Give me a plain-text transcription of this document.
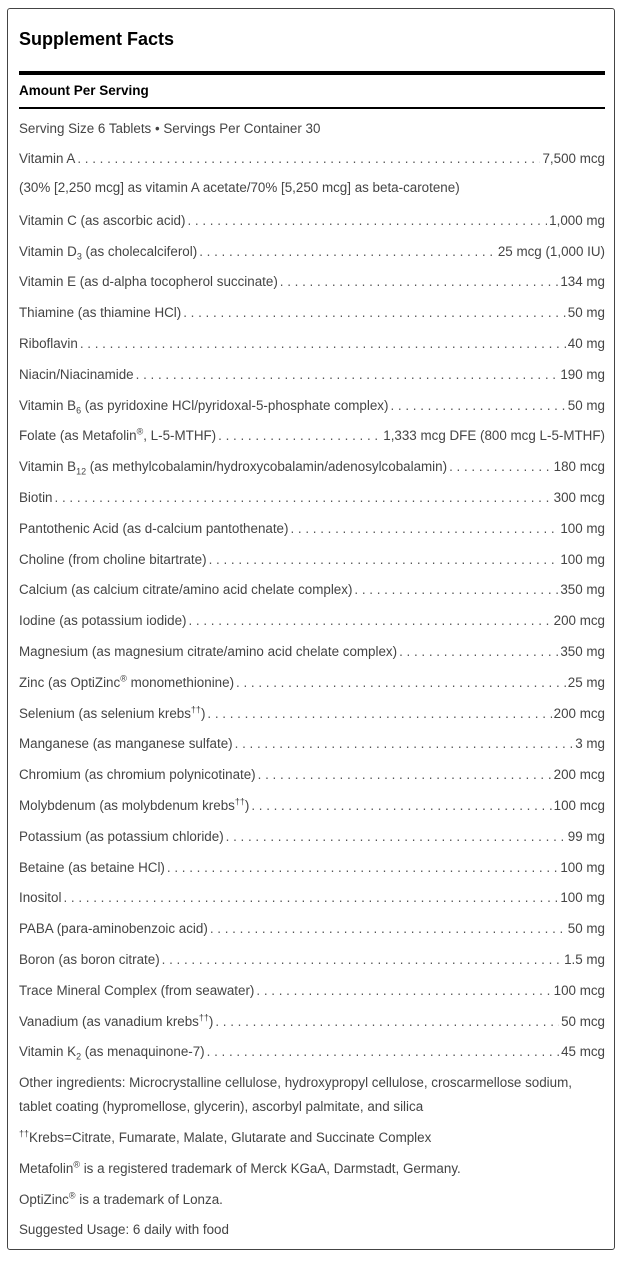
Supplement Facts
Amount Per Serving
Serving Size 6 Tablets • Servings Per Container 30
Vitamin A . . .	7,500 mcg
Vitamin C (as ascorbic acid) . . .	1,000 mg
Vitamin $D_3$ (as cholecalciferol) . . .	25 mcg (1,000 IU)
Vitamin E (as d-alpha tocopherol succinate) . . .	134 mg
Thiamine (as thiamine HCl) . . .	50 mg
Riboflavin . . .	40 mg
Niacin/Niacinamide . . .	190 mg
Vitamin $B_6$ (as pyridoxine HCl/pyridoxal-5-phosphate complex) . . .	50 mg
Folate (as Metafolin®, L-5-MTHF) . . .	1,333 mcg DFE (800 mcg L-5-MTHF)
Vitamin $B_{12}$ (as methylcobalamin/hydroxycobalamin/adenosylcobalamin) . . .	180 mcg
Biotin . . .	300 mcg
Pantothenic Acid (as d-calcium pantothenate) . . .	100 mg
Choline (from choline bitartrate) . . .	100 mg
Calcium (as calcium citrate/amino acid chelate complex) . . .	350 mg
Iodine (as potassium iodide) . . .	200 mcg
Magnesium (as magnesium citrate/amino acid chelate complex) . . .	350 mg
Zinc (as OptiZinc® monomethionine) . . .	25 mg
Selenium (as selenium krebs††) . . .	200 mcg
Manganese (as manganese sulfate) . . .	3 mg
Chromium (as chromium polynicotinate) . . .	200 mcg
Molybdenum (as molybdenum krebs††) . . .	100 mcg
Potassium (as potassium chloride) . . .	99 mg
Betaine (as betaine HCl) . . .	100 mg
Inositol . . .	100 mg
PABA (para-aminobenzoic acid) . . .	50 mg
Boron (as boron citrate) . . .	1.5 mg
Trace Mineral Complex (from seawater) . . .	100 mcg
Vanadium (as vanadium krebs††) . . .	50 mcg
Vitamin $K_2$ (as menaquinone-7) . . .	45 mcg
(30% [2,250 mcg] as vitamin A acetate/70% [5,250 mcg] as beta-carotene)
Other ingredients: Microcrystalline cellulose, hydroxypropyl cellulose, croscarmellose sodium,
tablet coating (hypromellose, glycerin), ascorbyl palmitate, and silica
††Krebs=Citrate, Fumarate, Malate, Glutarate and Succinate Complex
Metafolin® is a registered trademark of Merck KGaA, Darmstadt, Germany.
OptiZinc® is a trademark of Lonza.
Suggested Usage: 6 daily with food
